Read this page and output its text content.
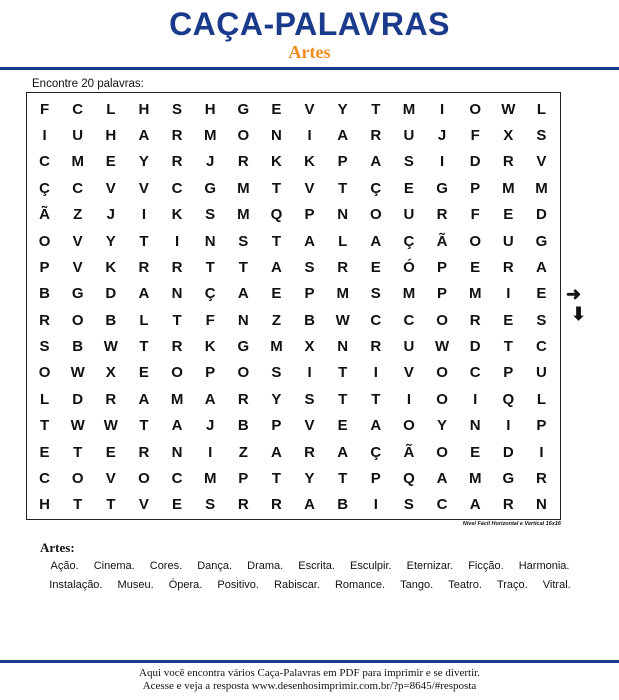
CAÇA-PALAVRAS
Artes
Encontre 20 palavras:
F	C	L	H	S	H	G	E	V	Y	T	M	I	O	W	L
I	U	H	A	R	M	O	N	I	A	R	U	J	F	X	S
C	M	E	Y	R	J	R	K	K	P	A	S	I	D	R	V
Ç	C	V	V	C	G	M	T	V	T	Ç	E	G	P	M	M
Ã	Z	J	I	K	S	M	Q	P	N	O	U	R	F	E	D
O	V	Y	T	I	N	S	T	A	L	A	Ç	Ã	O	U	G
P	V	K	R	R	T	T	A	S	R	E	Ó	P	E	R	A
B	G	D	A	N	Ç	A	E	P	M	S	M	P	M	I	E
R	O	B	L	T	F	N	Z	B	W	C	C	O	R	E	S
S	B	W	T	R	K	G	M	X	N	R	U	W	D	T	C
O	W	X	E	O	P	O	S	I	T	I	V	O	C	P	U
L	D	R	A	M	A	R	Y	S	T	T	I	O	I	Q	L
T	W	W	T	A	J	B	P	V	E	A	O	Y	N	I	P
E	T	E	R	N	I	Z	A	R	A	Ç	Ã	O	E	D	I
C	O	V	O	C	M	P	T	Y	T	P	Q	A	M	G	R
H	T	T	V	E	S	R	R	A	B	I	S	C	A	R	N
Nível Fácil Horizontal e Vertical 16x16
➜
⬇
Artes:
Ação. Cinema. Cores. Dança. Drama. Escrita. Esculpir. Eternizar. Ficção. Harmonia. Instalação. Museu. Ópera. Positivo. Rabiscar. Romance. Tango. Teatro. Traço. Vitral.
Aqui você encontra vários Caça-Palavras em PDF para imprimir e se divertir.
Acesse e veja a resposta www.desenhosimprimir.com.br/?p=8645/#resposta
